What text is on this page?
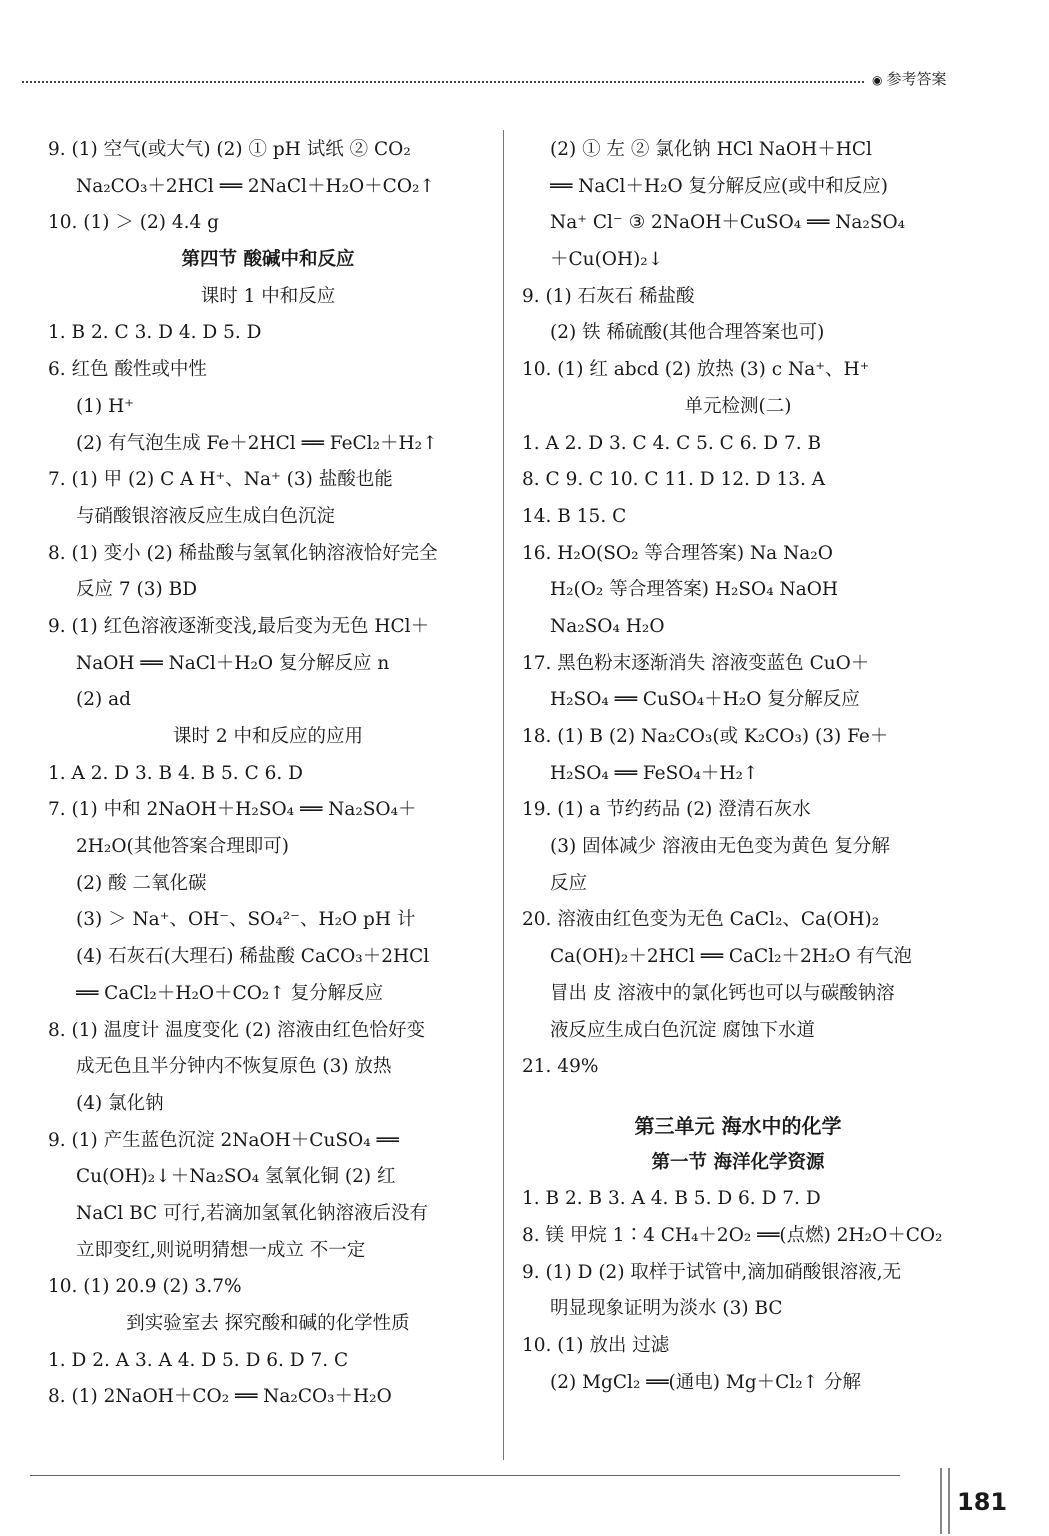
◉ 参考答案
9. (1) 空气(或大气) (2) ① pH 试纸 ② CO₂
Na₂CO₃＋2HCl ══ 2NaCl＋H₂O＋CO₂↑
10. (1) ＞ (2) 4.4 g
第四节 酸碱中和反应
课时 1 中和反应
1. B 2. C 3. D 4. D 5. D
6. 红色 酸性或中性
(1) H⁺
(2) 有气泡生成 Fe＋2HCl ══ FeCl₂＋H₂↑
7. (1) 甲 (2) C A H⁺、Na⁺ (3) 盐酸也能
与硝酸银溶液反应生成白色沉淀
8. (1) 变小 (2) 稀盐酸与氢氧化钠溶液恰好完全
反应 7 (3) BD
9. (1) 红色溶液逐渐变浅,最后变为无色 HCl＋
NaOH ══ NaCl＋H₂O 复分解反应 n
(2) ad
课时 2 中和反应的应用
1. A 2. D 3. B 4. B 5. C 6. D
7. (1) 中和 2NaOH＋H₂SO₄ ══ Na₂SO₄＋
2H₂O(其他答案合理即可)
(2) 酸 二氧化碳
(3) ＞ Na⁺、OH⁻、SO₄²⁻、H₂O pH 计
(4) 石灰石(大理石) 稀盐酸 CaCO₃＋2HCl
══ CaCl₂＋H₂O＋CO₂↑ 复分解反应
8. (1) 温度计 温度变化 (2) 溶液由红色恰好变
成无色且半分钟内不恢复原色 (3) 放热
(4) 氯化钠
9. (1) 产生蓝色沉淀 2NaOH＋CuSO₄ ══
Cu(OH)₂↓＋Na₂SO₄ 氢氧化铜 (2) 红
NaCl BC 可行,若滴加氢氧化钠溶液后没有
立即变红,则说明猜想一成立 不一定
10. (1) 20.9 (2) 3.7%
到实验室去 探究酸和碱的化学性质
1. D 2. A 3. A 4. D 5. D 6. D 7. C
8. (1) 2NaOH＋CO₂ ══ Na₂CO₃＋H₂O
(2) ① 左 ② 氯化钠 HCl NaOH＋HCl
══ NaCl＋H₂O 复分解反应(或中和反应)
Na⁺ Cl⁻ ③ 2NaOH＋CuSO₄ ══ Na₂SO₄
＋Cu(OH)₂↓
9. (1) 石灰石 稀盐酸
(2) 铁 稀硫酸(其他合理答案也可)
10. (1) 红 abcd (2) 放热 (3) c Na⁺、H⁺
单元检测(二)
1. A 2. D 3. C 4. C 5. C 6. D 7. B
8. C 9. C 10. C 11. D 12. D 13. A
14. B 15. C
16. H₂O(SO₂ 等合理答案) Na Na₂O
H₂(O₂ 等合理答案) H₂SO₄ NaOH
Na₂SO₄ H₂O
17. 黑色粉末逐渐消失 溶液变蓝色 CuO＋
H₂SO₄ ══ CuSO₄＋H₂O 复分解反应
18. (1) B (2) Na₂CO₃(或 K₂CO₃) (3) Fe＋
H₂SO₄ ══ FeSO₄＋H₂↑
19. (1) a 节约药品 (2) 澄清石灰水
(3) 固体减少 溶液由无色变为黄色 复分解
反应
20. 溶液由红色变为无色 CaCl₂、Ca(OH)₂
Ca(OH)₂＋2HCl ══ CaCl₂＋2H₂O 有气泡
冒出 皮 溶液中的氯化钙也可以与碳酸钠溶
液反应生成白色沉淀 腐蚀下水道
21. 49%
第三单元 海水中的化学
第一节 海洋化学资源
1. B 2. B 3. A 4. B 5. D 6. D 7. D
8. 镁 甲烷 1∶4 CH₄＋2O₂ ══(点燃) 2H₂O＋CO₂
9. (1) D (2) 取样于试管中,滴加硝酸银溶液,无
明显现象证明为淡水 (3) BC
10. (1) 放出 过滤
(2) MgCl₂ ══(通电) Mg＋Cl₂↑ 分解
181
